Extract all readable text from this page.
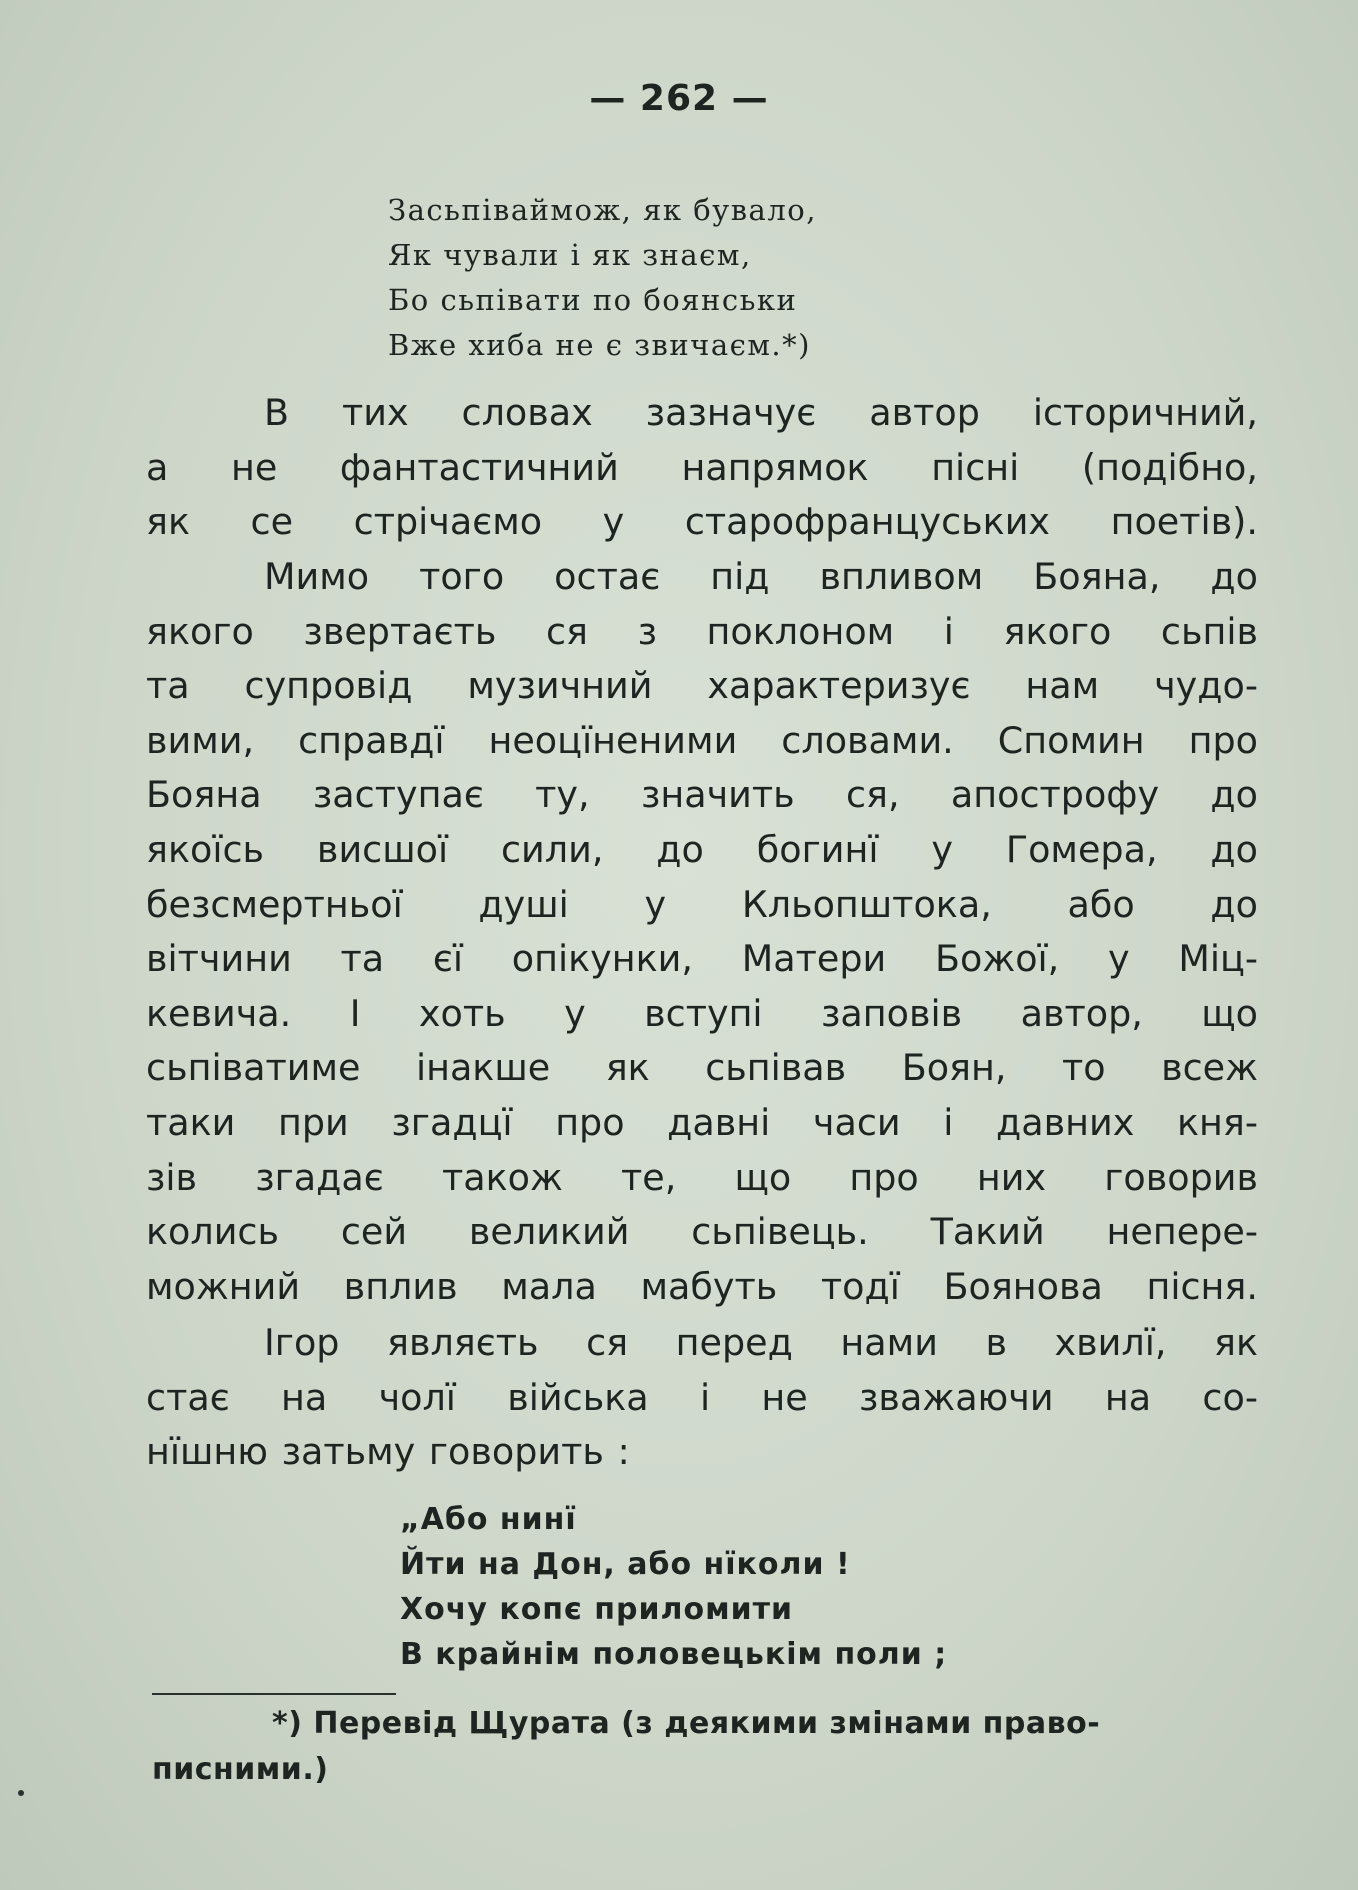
— 262 —
Засьпіваймож, як бувало,
Як чували і як знаєм,
Бо сьпівати по боянськи
Вже хиба не є звичаєм.*)
В тих словах зазначує автор історичний,
а не фантастичний напрямок пісні (подібно,
як се стрічаємо у старофранцуських поетів).
Мимо того остає під впливом Бояна, до
якого звертаєть ся з поклоном і якого сьпів
та супровід музичний характеризує нам чудо-
вими, справдї неоцїненими словами. Спомин про
Бояна заступає ту, значить ся, апострофу до
якоїсь висшої сили, до богинї у Гомера, до
безсмертньої душі у Кльопштока, або до
вітчини та єї опікунки, Матери Божої, у Міц-
кевича. І хоть у вступі заповів автор, що
сьпіватиме інакше як сьпівав Боян, то всеж
таки при згадцї про давні часи і давних кня-
зів згадає також те, що про них говорив
колись сей великий сьпівець. Такий непере-
можний вплив мала мабуть тодї Боянова пісня.
Ігор являєть ся перед нами в хвилї, як
стає на чолї війська і не зважаючи на со-
нїшню затьму говорить :
„Або нинї
Йти на Дон, або нїколи !
Хочу копє приломити
В крайнім половецькім поли ;
*) Перевід Щурата (з деякими змінами право-
писними.)
